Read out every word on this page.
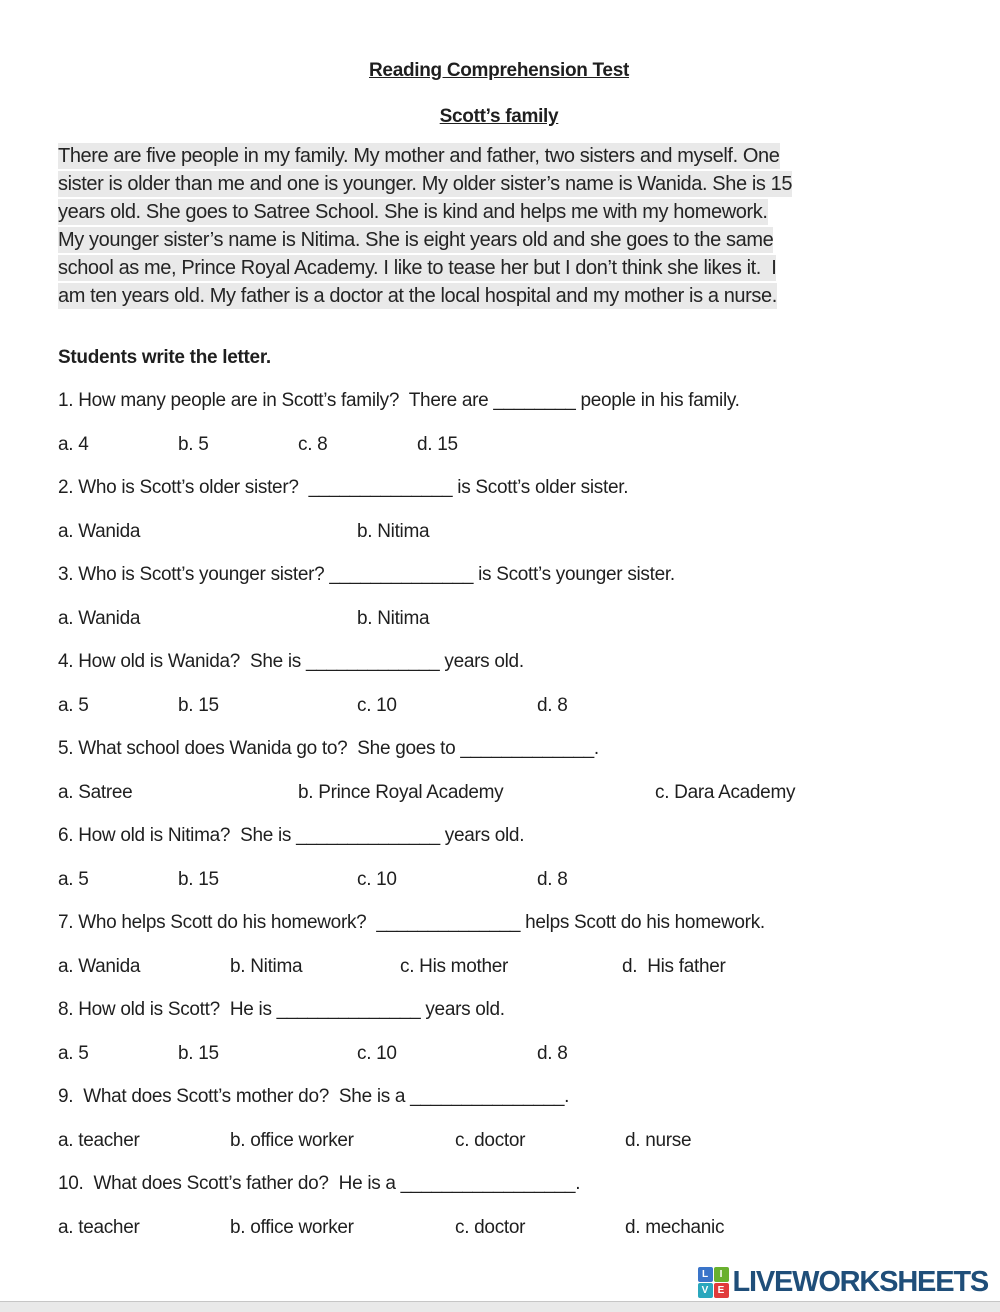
Reading Comprehension Test
Scott’s family
There are five people in my family. My mother and father, two sisters and myself. One
sister is older than me and one is younger. My older sister’s name is Wanida. She is 15
years old. She goes to Satree School. She is kind and helps me with my homework.
My younger sister’s name is Nitima. She is eight years old and she goes to the same
school as me, Prince Royal Academy. I like to tease her but I don’t think she likes it.  I
am ten years old. My father is a doctor at the local hospital and my mother is a nurse.
Students write the letter.
1. How many people are in Scott’s family?  There are ________ people in his family.
a. 4	b. 5	c. 8	d. 15
2. Who is Scott’s older sister?  ______________ is Scott’s older sister.
a. Wanida	b. Nitima
3. Who is Scott’s younger sister? ______________ is Scott’s younger sister.
a. Wanida	b. Nitima
4. How old is Wanida?  She is _____________ years old.
a. 5	b. 15	c. 10	d. 8
5. What school does Wanida go to?  She goes to _____________.
a. Satree	b. Prince Royal Academy	c. Dara Academy
6. How old is Nitima?  She is ______________ years old.
a. 5	b. 15	c. 10	d. 8
7. Who helps Scott do his homework?  ______________ helps Scott do his homework.
a. Wanida	b. Nitima	c. His mother	d.  His father
8. How old is Scott?  He is ______________ years old.
a. 5	b. 15	c. 10	d. 8
9.  What does Scott’s mother do?  She is a _______________.
a. teacher	b. office worker	c. doctor	d. nurse
10.  What does Scott’s father do?  He is a _________________.
a. teacher	b. office worker	c. doctor	d. mechanic
L	I
V E LIVEWORKSHEETS
